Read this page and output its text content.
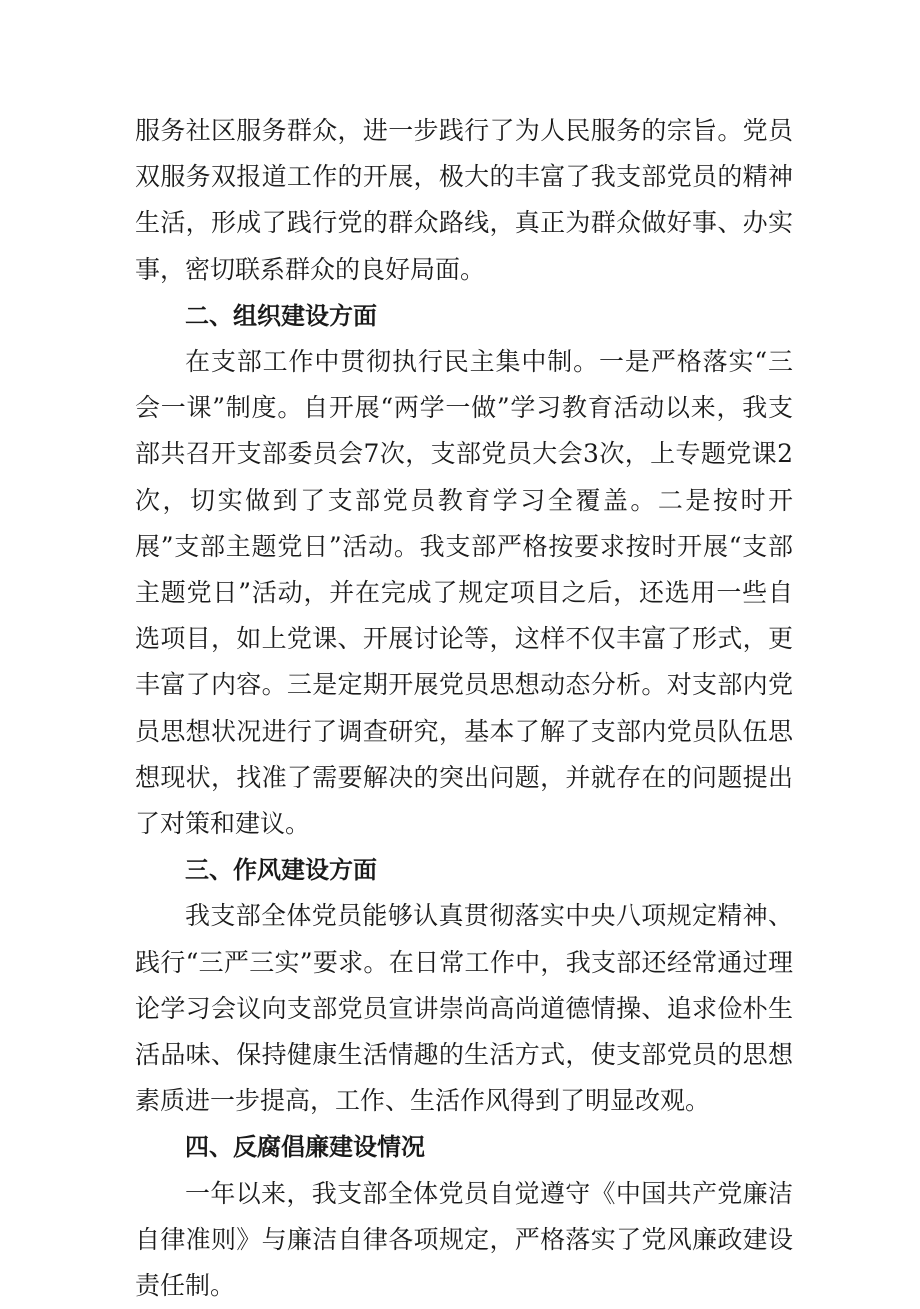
服务社区服务群众，进一步践行了为人民服务的宗旨。党员双服务双报道工作的开展，极大的丰富了我支部党员的精神生活，形成了践行党的群众路线，真正为群众做好事、办实事，密切联系群众的良好局面。

二、组织建设方面

在支部工作中贯彻执行民主集中制。一是严格落实“三会一课”制度。自开展“两学一做”学习教育活动以来，我支部共召开支部委员会7次，支部党员大会3次，上专题党课2次，切实做到了支部党员教育学习全覆盖。二是按时开展”支部主题党日”活动。我支部严格按要求按时开展“支部主题党日”活动，并在完成了规定项目之后，还选用一些自选项目，如上党课、开展讨论等，这样不仅丰富了形式，更丰富了内容。三是定期开展党员思想动态分析。对支部内党员思想状况进行了调查研究，基本了解了支部内党员队伍思想现状，找准了需要解决的突出问题，并就存在的问题提出了对策和建议。

三、作风建设方面

我支部全体党员能够认真贯彻落实中央八项规定精神、践行“三严三实”要求。在日常工作中，我支部还经常通过理论学习会议向支部党员宣讲崇尚高尚道德情操、追求俭朴生活品味、保持健康生活情趣的生活方式，使支部党员的思想素质进一步提高，工作、生活作风得到了明显改观。

四、反腐倡廉建设情况

一年以来，我支部全体党员自觉遵守《中国共产党廉洁自律准则》与廉洁自律各项规定，严格落实了党风廉政建设责任制。
